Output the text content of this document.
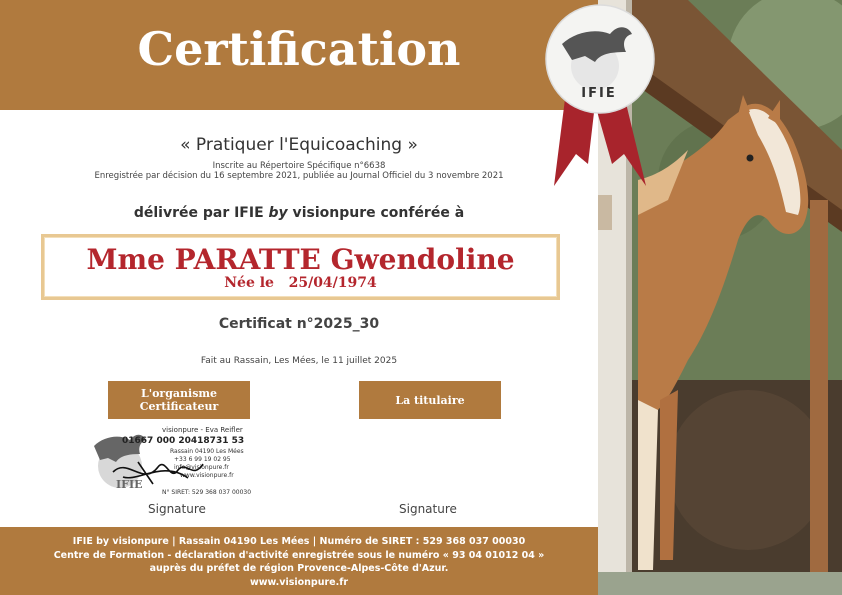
Certification
IFIE
« Pratiquer l'Equicoaching »
Inscrite au Répertoire Spécifique n°6638
Enregistrée par décision du 16 septembre 2021, publiée au Journal Officiel du 3 novembre 2021
délivrée par IFIE by visionpure conférée à
Mme PARATTE Gwendoline
Née le 25/04/1974
Certificat n°2025_30
Fait au Rassain, Les Mées, le 11 juillet 2025
L'organisme Certificateur	La titulaire
IFIE
visionpure - Eva Reifler
01667 000 20418731 53
Rassain 04190 Les Mées
+33 6 99 19 02 95
info@visionpure.fr
www.visionpure.fr
N° SIRET: 529 368 037 00030
Signature	Signature
IFIE by visionpure | Rassain 04190 Les Mées | Numéro de SIRET : 529 368 037 00030
Centre de Formation - déclaration d'activité enregistrée sous le numéro « 93 04 01012 04 »
auprès du préfet de région Provence-Alpes-Côte d'Azur.
www.visionpure.fr
